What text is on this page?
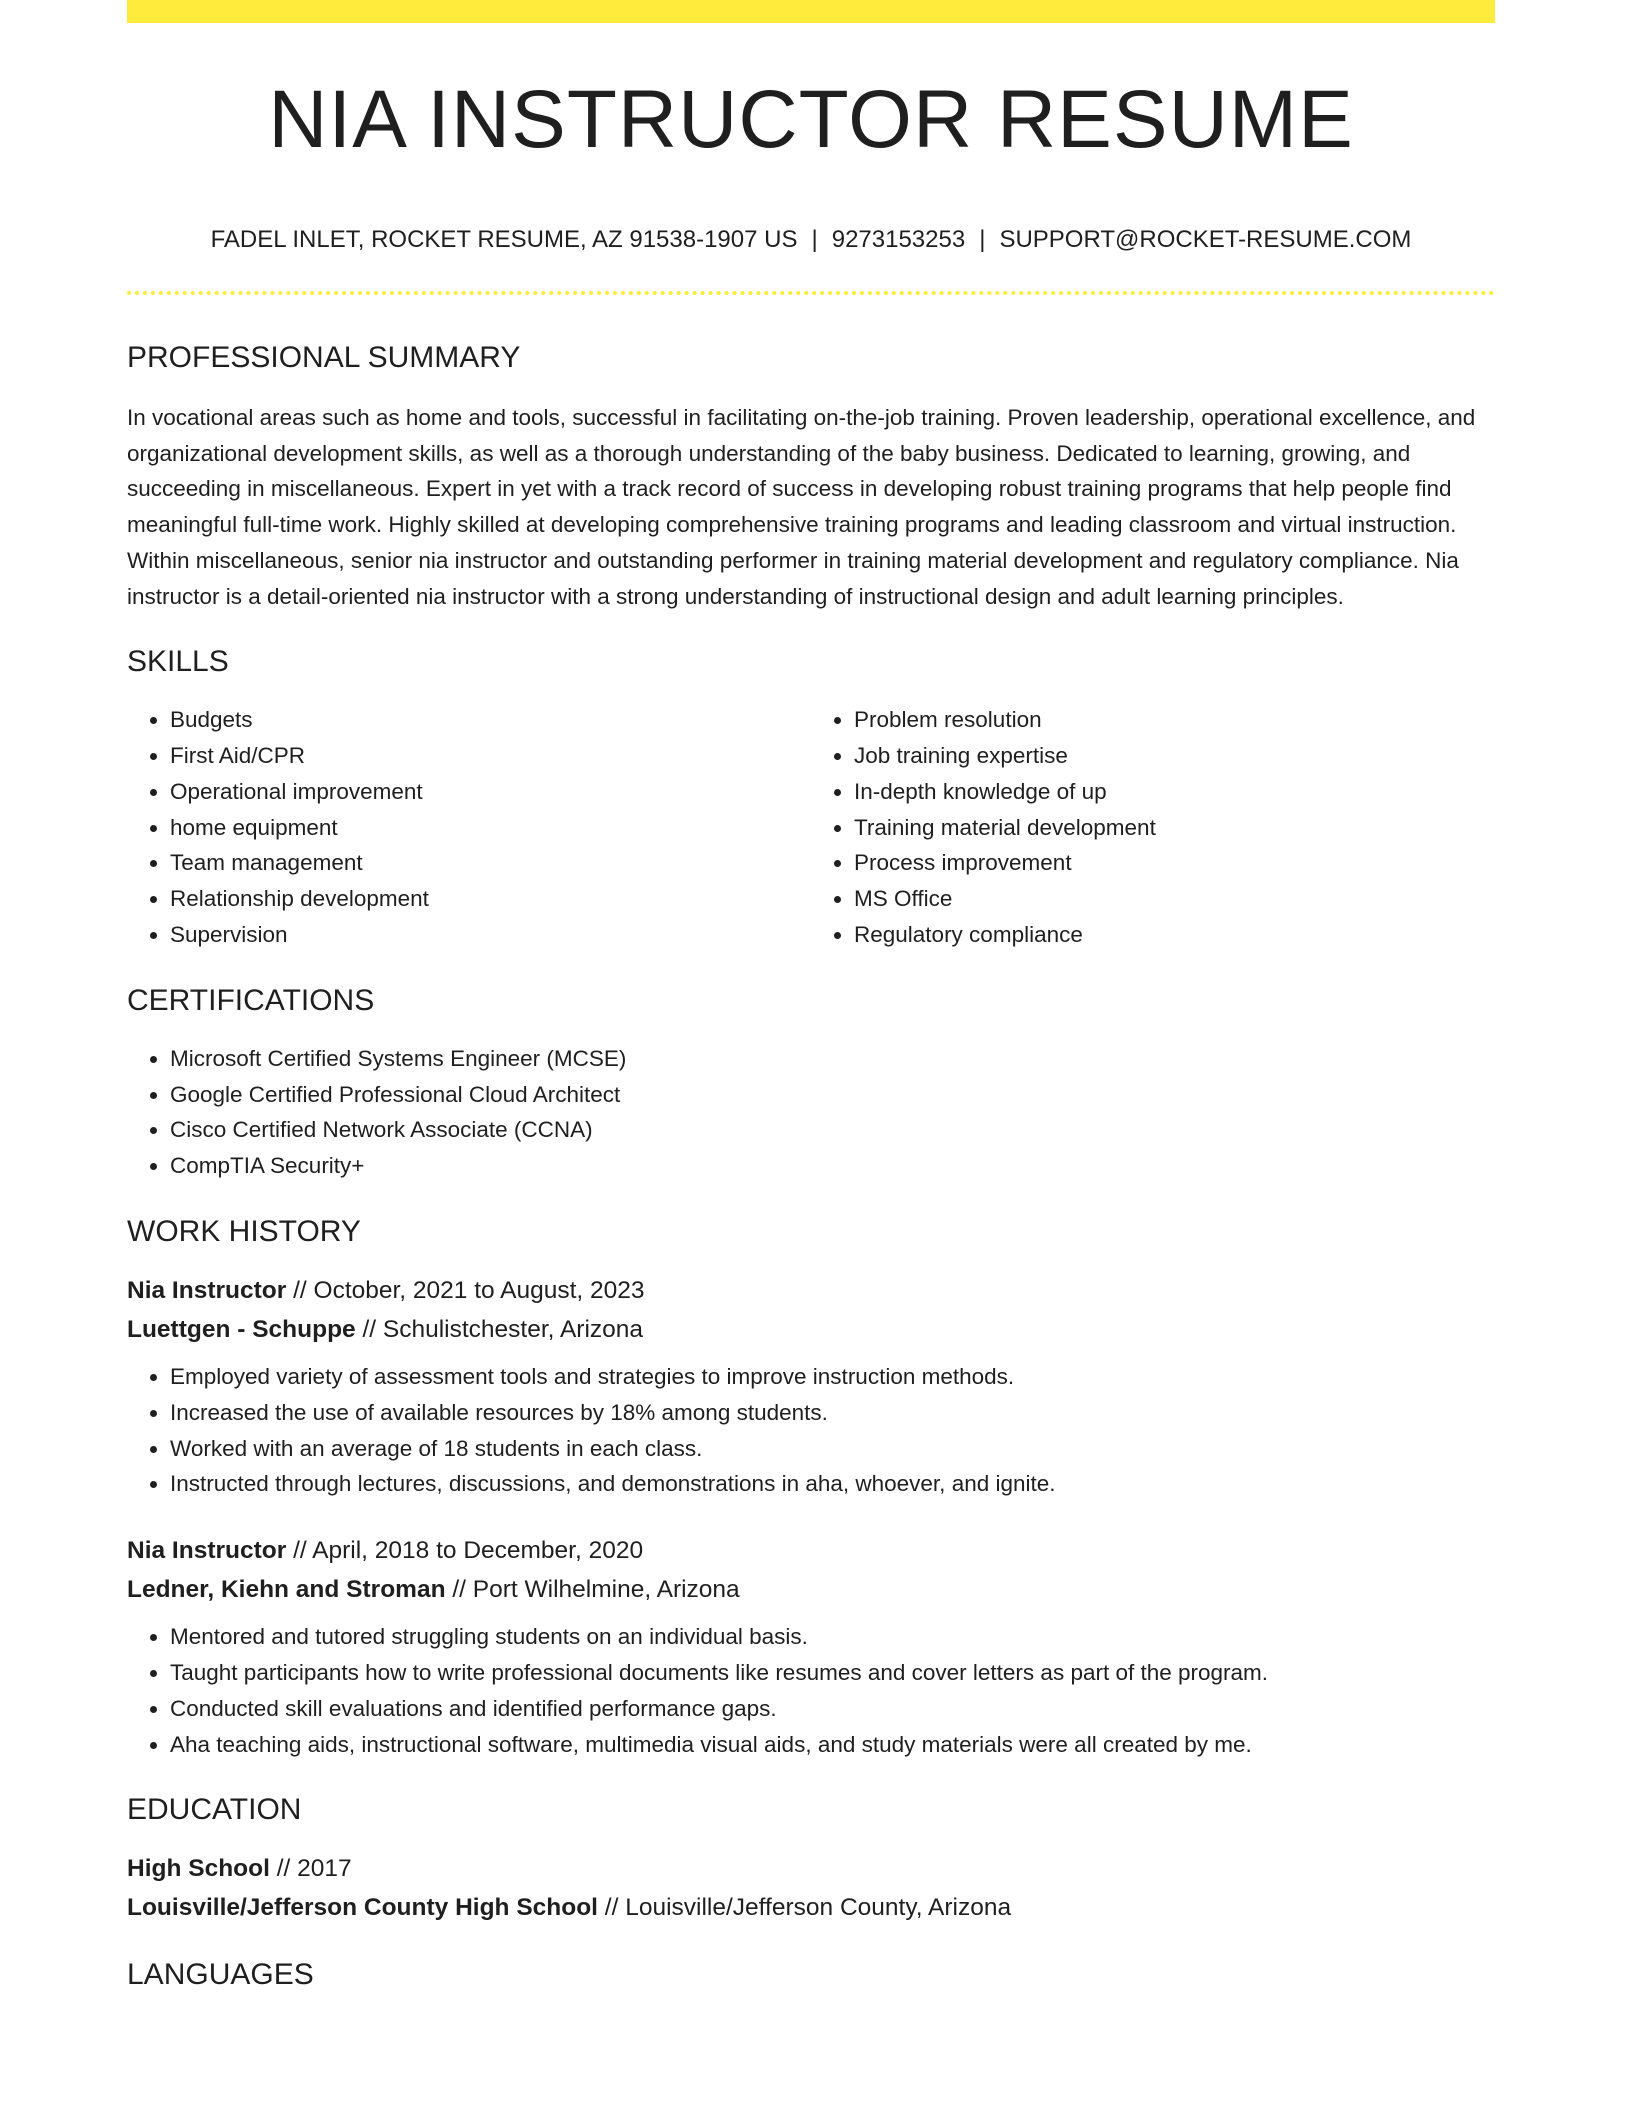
NIA INSTRUCTOR RESUME
FADEL INLET, ROCKET RESUME, AZ 91538-1907 US | 9273153253 | SUPPORT@ROCKET-RESUME.COM
PROFESSIONAL SUMMARY
In vocational areas such as home and tools, successful in facilitating on-the-job training. Proven leadership, operational excellence, and organizational development skills, as well as a thorough understanding of the baby business. Dedicated to learning, growing, and succeeding in miscellaneous. Expert in yet with a track record of success in developing robust training programs that help people find meaningful full-time work. Highly skilled at developing comprehensive training programs and leading classroom and virtual instruction. Within miscellaneous, senior nia instructor and outstanding performer in training material development and regulatory compliance. Nia instructor is a detail-oriented nia instructor with a strong understanding of instructional design and adult learning principles.
SKILLS
• Budgets
• First Aid/CPR
• Operational improvement
• home equipment
• Team management
• Relationship development
• Supervision
• Problem resolution
• Job training expertise
• In-depth knowledge of up
• Training material development
• Process improvement
• MS Office
• Regulatory compliance
CERTIFICATIONS
• Microsoft Certified Systems Engineer (MCSE)
• Google Certified Professional Cloud Architect
• Cisco Certified Network Associate (CCNA)
• CompTIA Security+
WORK HISTORY
Nia Instructor // October, 2021 to August, 2023
Luettgen - Schuppe // Schulistchester, Arizona
• Employed variety of assessment tools and strategies to improve instruction methods.
• Increased the use of available resources by 18% among students.
• Worked with an average of 18 students in each class.
• Instructed through lectures, discussions, and demonstrations in aha, whoever, and ignite.
Nia Instructor // April, 2018 to December, 2020
Ledner, Kiehn and Stroman // Port Wilhelmine, Arizona
• Mentored and tutored struggling students on an individual basis.
• Taught participants how to write professional documents like resumes and cover letters as part of the program.
• Conducted skill evaluations and identified performance gaps.
• Aha teaching aids, instructional software, multimedia visual aids, and study materials were all created by me.
EDUCATION
High School // 2017
Louisville/Jefferson County High School // Louisville/Jefferson County, Arizona
LANGUAGES
